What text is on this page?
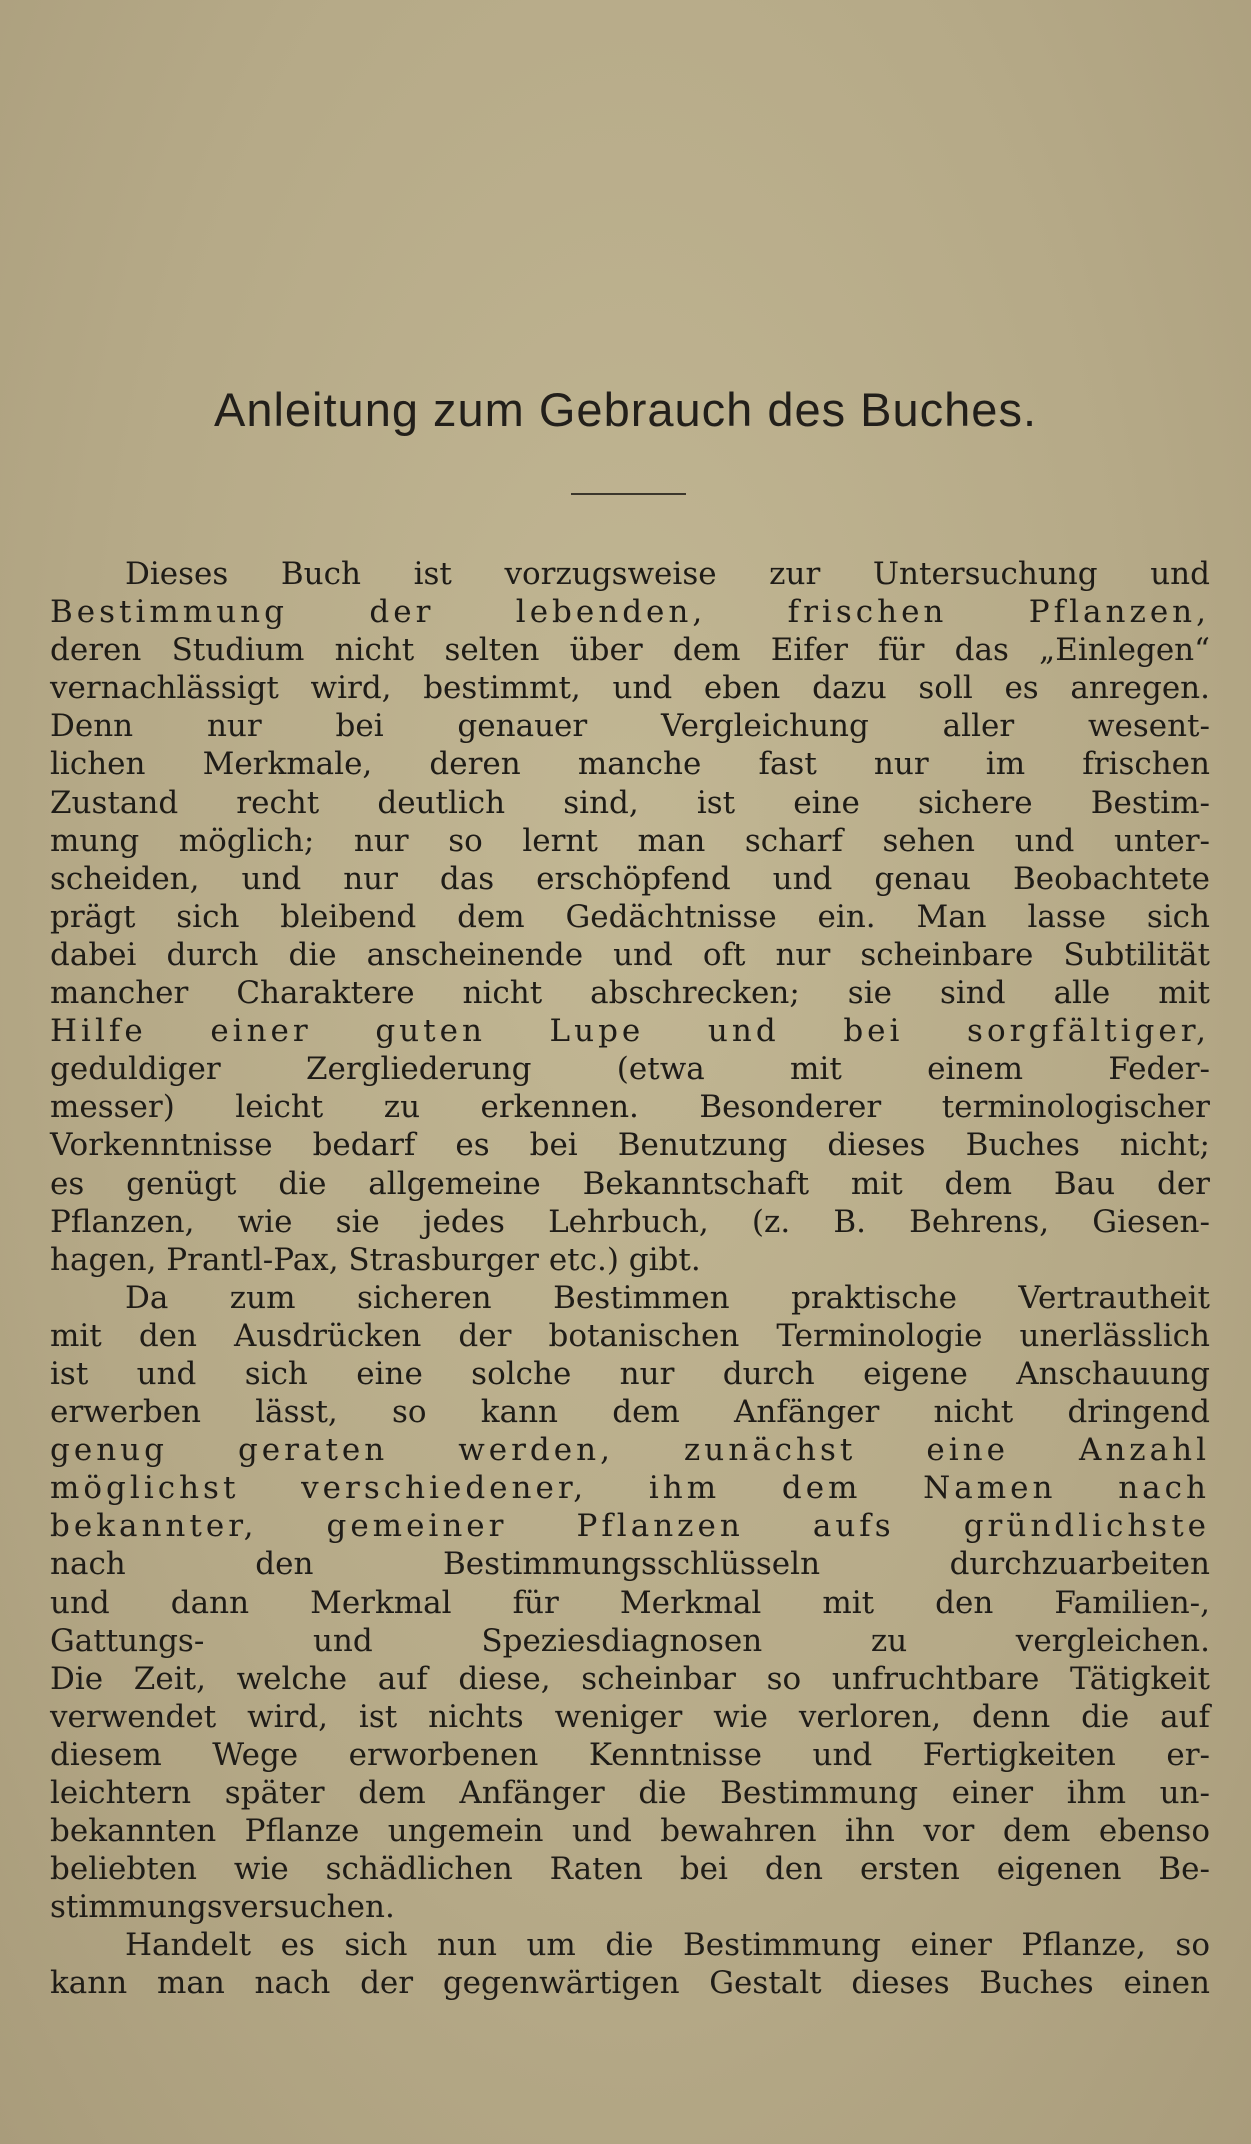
Anleitung zum Gebrauch des Buches.
Dieses Buch ist vorzugsweise zur Untersuchung und
Bestimmung der lebenden, frischen Pflanzen,
deren Studium nicht selten über dem Eifer für das „Einlegen“
vernachlässigt wird, bestimmt, und eben dazu soll es anregen.
Denn nur bei genauer Vergleichung aller wesent-
lichen Merkmale, deren manche fast nur im frischen
Zustand recht deutlich sind, ist eine sichere Bestim-
mung möglich; nur so lernt man scharf sehen und unter-
scheiden, und nur das erschöpfend und genau Beobachtete
prägt sich bleibend dem Gedächtnisse ein. Man lasse sich
dabei durch die anscheinende und oft nur scheinbare Subtilität
mancher Charaktere nicht abschrecken; sie sind alle mit
Hilfe einer guten Lupe und bei sorgfältiger,
geduldiger Zergliederung (etwa mit einem Feder-
messer) leicht zu erkennen. Besonderer terminologischer
Vorkenntnisse bedarf es bei Benutzung dieses Buches nicht;
es genügt die allgemeine Bekanntschaft mit dem Bau der
Pflanzen, wie sie jedes Lehrbuch, (z. B. Behrens, Giesen-
hagen, Prantl-Pax, Strasburger etc.) gibt.
Da zum sicheren Bestimmen praktische Vertrautheit
mit den Ausdrücken der botanischen Terminologie unerlässlich
ist und sich eine solche nur durch eigene Anschauung
erwerben lässt, so kann dem Anfänger nicht dringend
genug geraten werden, zunächst eine Anzahl
möglichst verschiedener, ihm dem Namen nach
bekannter, gemeiner Pflanzen aufs gründlichste
nach den Bestimmungsschlüsseln durchzuarbeiten
und dann Merkmal für Merkmal mit den Familien-,
Gattungs- und Speziesdiagnosen zu vergleichen.
Die Zeit, welche auf diese, scheinbar so unfruchtbare Tätigkeit
verwendet wird, ist nichts weniger wie verloren, denn die auf
diesem Wege erworbenen Kenntnisse und Fertigkeiten er-
leichtern später dem Anfänger die Bestimmung einer ihm un-
bekannten Pflanze ungemein und bewahren ihn vor dem ebenso
beliebten wie schädlichen Raten bei den ersten eigenen Be-
stimmungsversuchen.
Handelt es sich nun um die Bestimmung einer Pflanze, so
kann man nach der gegenwärtigen Gestalt dieses Buches einen
